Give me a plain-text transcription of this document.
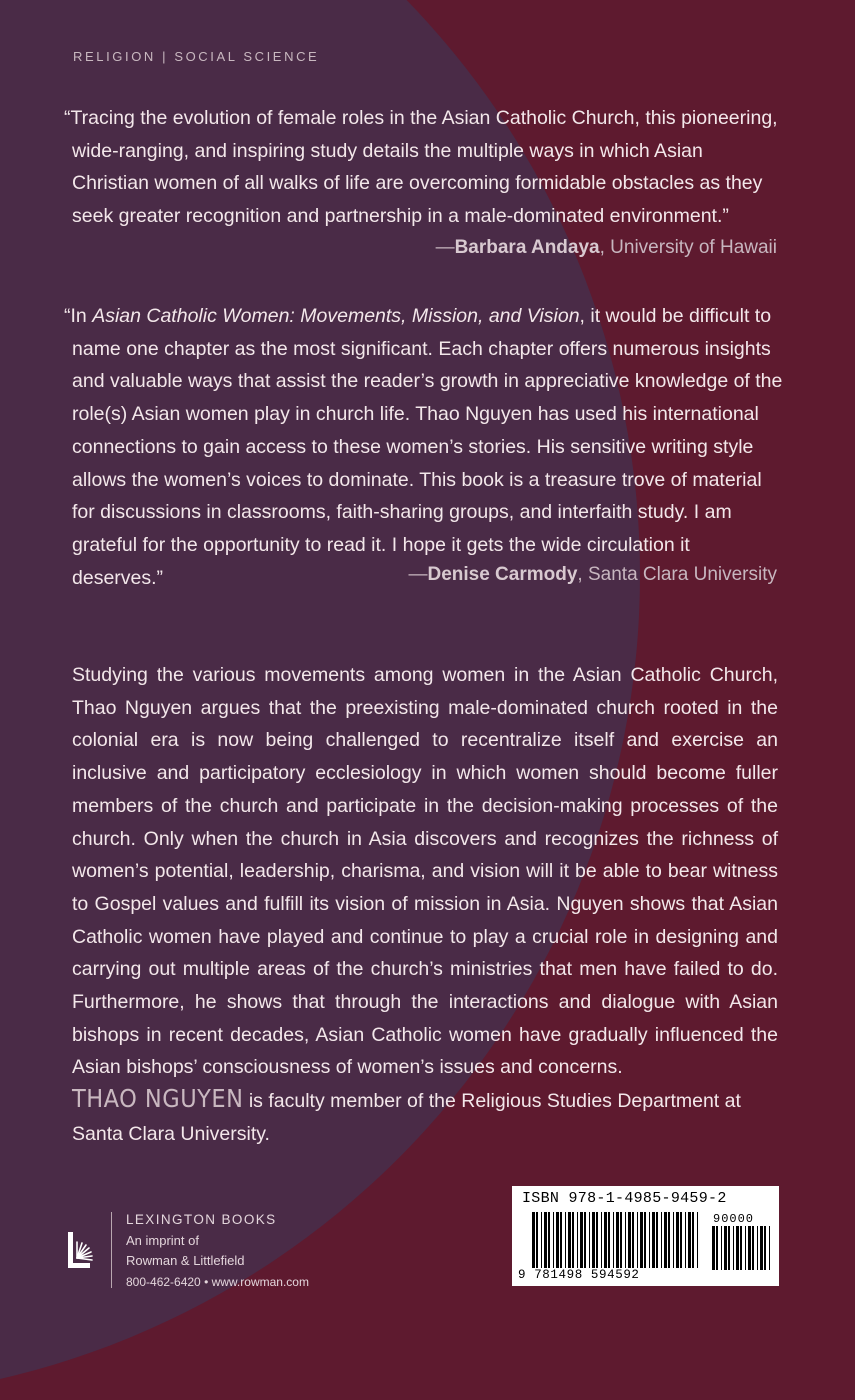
RELIGION | SOCIAL SCIENCE

“Tracing the evolution of female roles in the Asian Catholic Church, this pioneering, wide-ranging, and inspiring study details the multiple ways in which Asian Christian women of all walks of life are overcoming formidable obstacles as they seek greater recognition and partnership in a male-dominated environment.”

—Barbara Andaya, University of Hawaii

“In Asian Catholic Women: Movements, Mission, and Vision, it would be difficult to name one chapter as the most significant. Each chapter offers numerous insights and valuable ways that assist the reader’s growth in appreciative knowledge of the role(s) Asian women play in church life. Thao Nguyen has used his international connections to gain access to these women’s stories. His sensitive writing style allows the women’s voices to dominate. This book is a treasure trove of material for discussions in classrooms, faith-sharing groups, and interfaith study. I am grateful for the opportunity to read it. I hope it gets the wide circulation it deserves.”	—Denise Carmody, Santa Clara University

Studying the various movements among women in the Asian Catholic Church, Thao Nguyen argues that the preexisting male-dominated church rooted in the colonial era is now being challenged to recentralize itself and exercise an inclusive and participatory ecclesiology in which women should become fuller members of the church and participate in the decision-making processes of the church. Only when the church in Asia discovers and recognizes the richness of women’s potential, leadership, charisma, and vision will it be able to bear witness to Gospel values and fulfill its vision of mission in Asia. Nguyen shows that Asian Catholic women have played and continue to play a crucial role in designing and carrying out multiple areas of the church’s ministries that men have failed to do. Furthermore, he shows that through the interactions and dialogue with Asian bishops in recent decades, Asian Catholic women have gradually influenced the Asian bishops’ consciousness of women’s issues and concerns.

THAO NGUYEN is faculty member of the Religious Studies Department at Santa Clara University.

LEXINGTON BOOKS
An imprint of
Rowman & Littlefield
800-462-6420 • www.rowman.com
ISBN 978-1-4985-9459-2
90000
9 781498 594592
